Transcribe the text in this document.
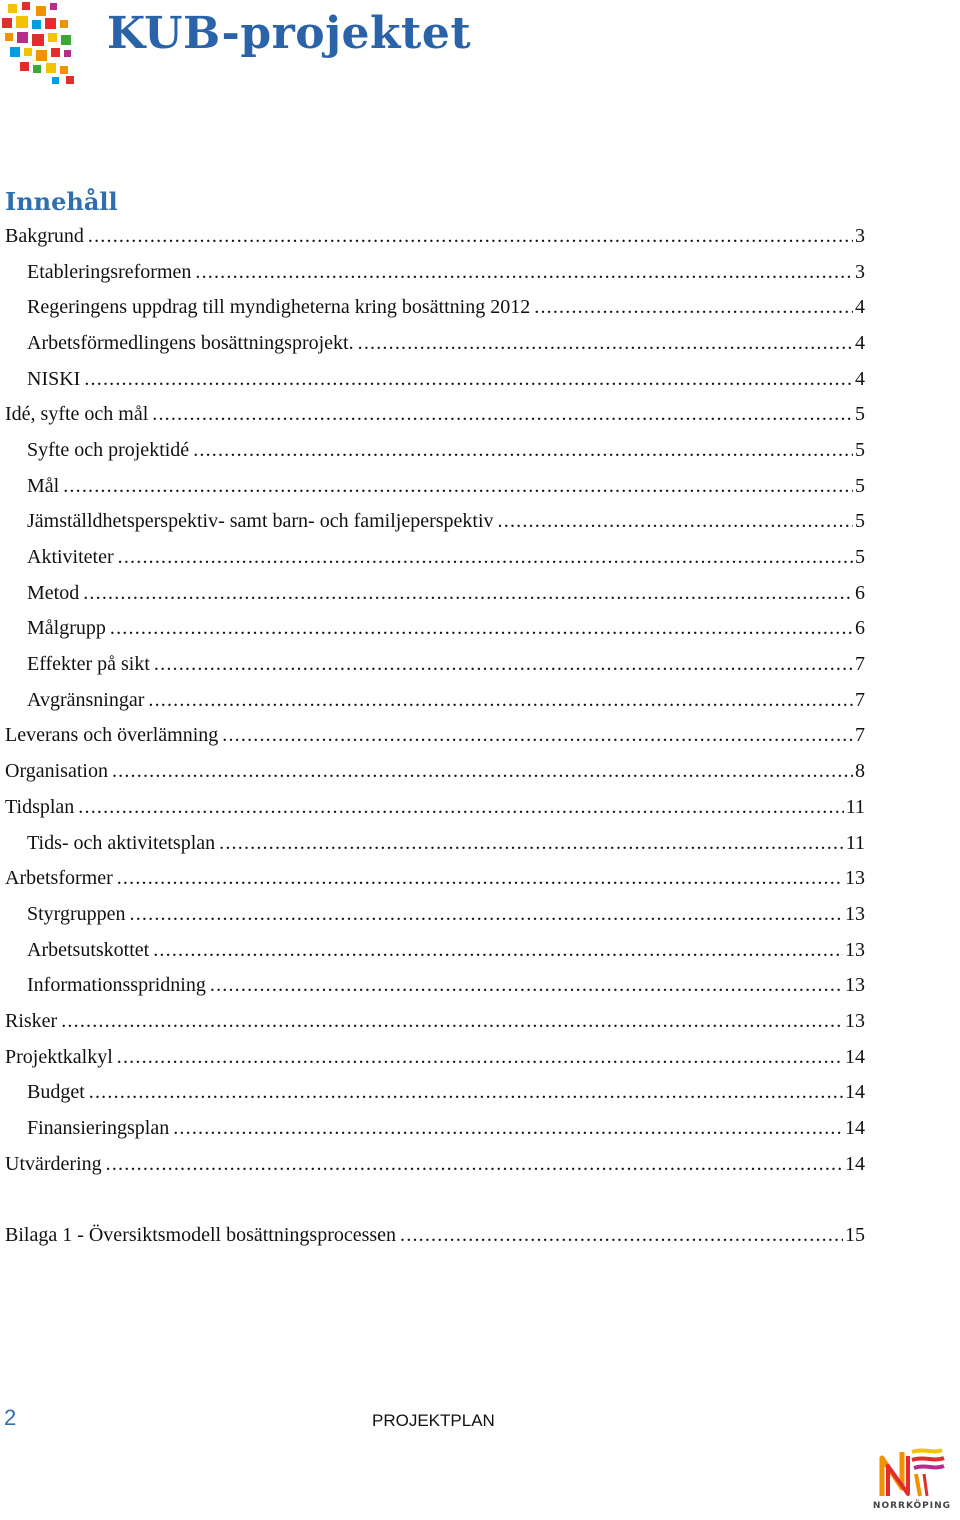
KUB-projektet
Innehåll
Bakgrund .....	3
Etableringsreformen .....	3
Regeringens uppdrag till myndigheterna kring bosättning 2012 .....	4
Arbetsförmedlingens bosättningsprojekt. .....	4
NISKI .....	4
Idé, syfte och mål .....	5
Syfte och projektidé .....	5
Mål .....	5
Jämställdhetsperspektiv- samt barn- och familjeperspektiv .....	5
Aktiviteter .....	5
Metod .....	6
Målgrupp .....	6
Effekter på sikt .....	7
Avgränsningar .....	7
Leverans och överlämning .....	7
Organisation .....	8
Tidsplan .....	11
Tids- och aktivitetsplan .....	11
Arbetsformer .....	13
Styrgruppen .....	13
Arbetsutskottet .....	13
Informationsspridning .....	13
Risker .....	13
Projektkalkyl .....	14
Budget .....	14
Finansieringsplan .....	14
Utvärdering .....	14
Bilaga 1 - Översiktsmodell bosättningsprocessen .....	15
2	PROJEKTPLAN
NORRKÖPING
